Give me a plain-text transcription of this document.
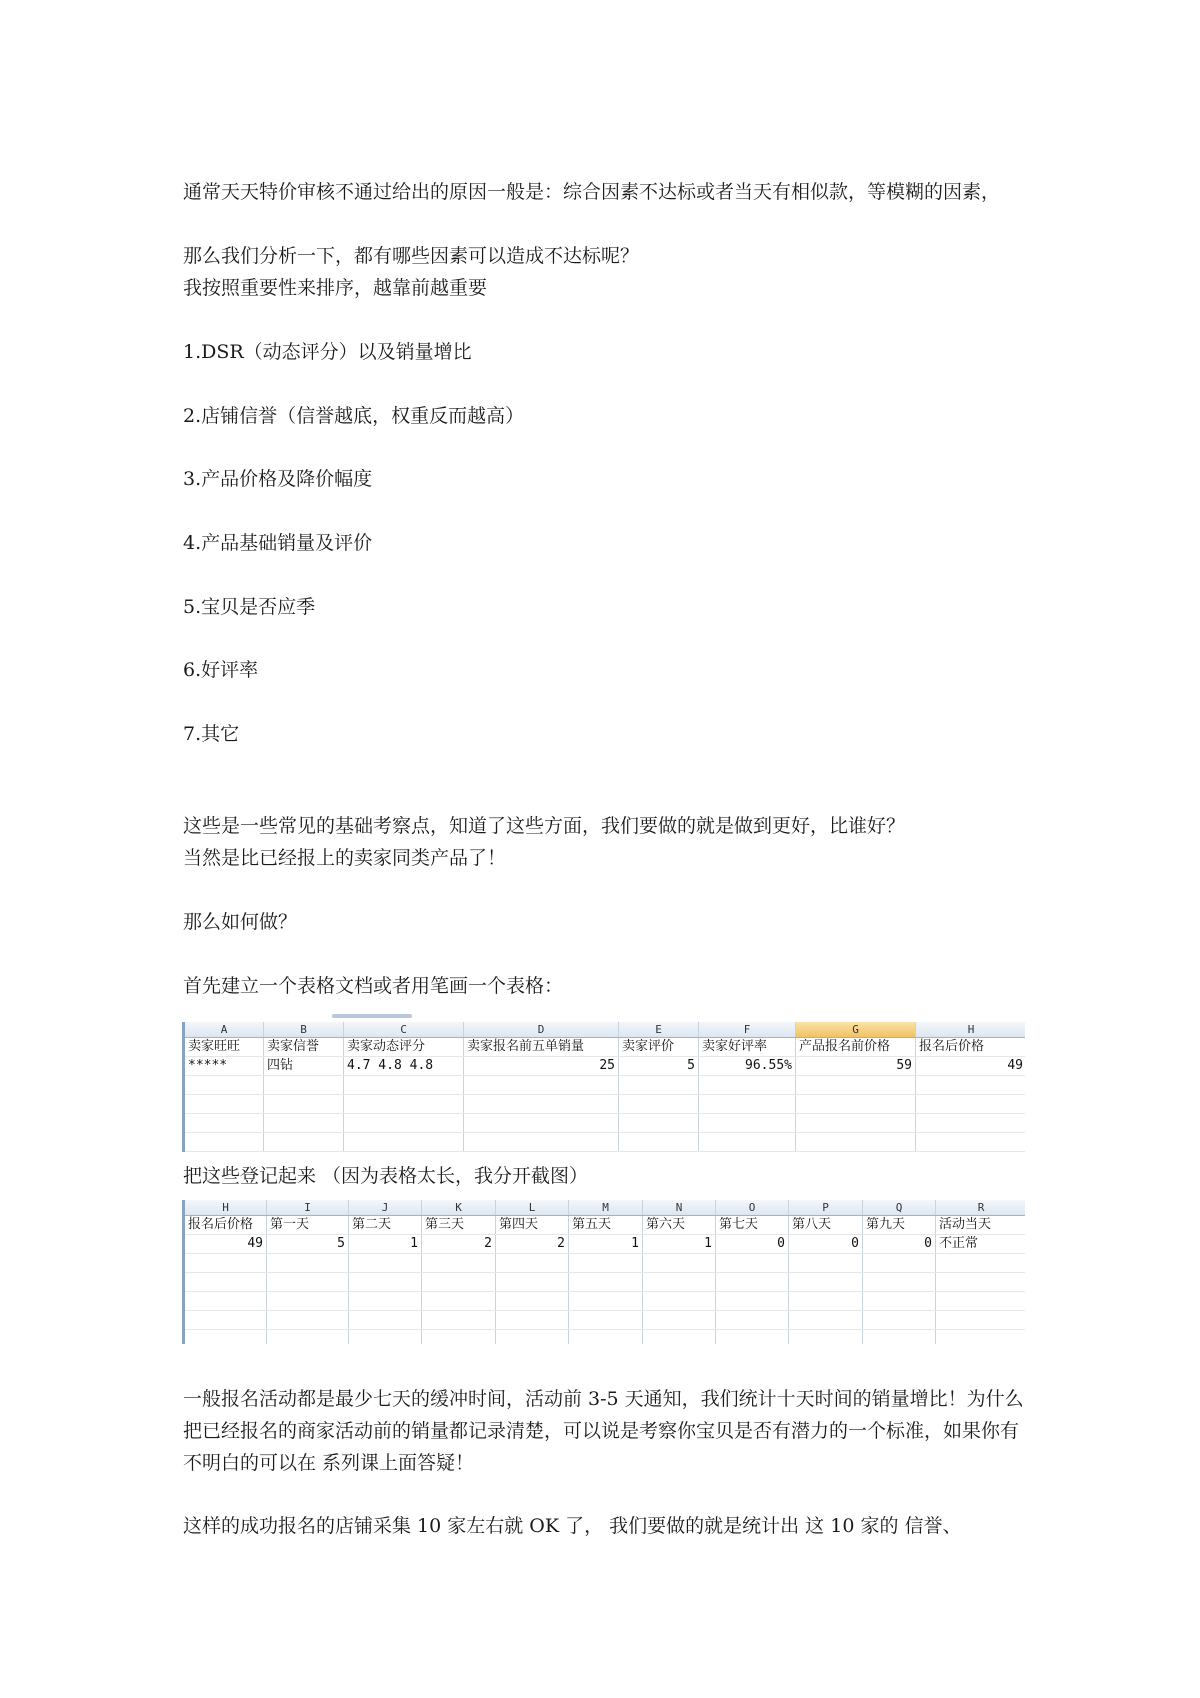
通常天天特价审核不通过给出的原因一般是：综合因素不达标或者当天有相似款，等模糊的因素，

那么我们分析一下，都有哪些因素可以造成不达标呢？

我按照重要性来排序，越靠前越重要

1.DSR（动态评分）以及销量增比

2.店铺信誉（信誉越底，权重反而越高）

3.产品价格及降价幅度

4.产品基础销量及评价

5.宝贝是否应季

6.好评率

7.其它

这些是一些常见的基础考察点，知道了这些方面，我们要做的就是做到更好，比谁好？

当然是比已经报上的卖家同类产品了！

那么如何做？

首先建立一个表格文档或者用笔画一个表格：

A	B	C	D	E	F	G	H
卖家旺旺	卖家信誉	卖家动态评分	卖家报名前五单销量	卖家评价	卖家好评率	产品报名前价格	报名后价格
*****	四钻	4.7 4.8 4.8	25	5	96.55%	59	49

把这些登记起来 （因为表格太长，我分开截图）

H	I	J	K	L	M	N	O	P	Q	R
报名后价格	第一天	第二天	第三天	第四天	第五天	第六天	第七天	第八天	第九天	活动当天
49	5	1	2	2	1	1	0	0	0	不正常

一般报名活动都是最少七天的缓冲时间，活动前 3-5 天通知，我们统计十天时间的销量增比！为什么把已经报名的商家活动前的销量都记录清楚，可以说是考察你宝贝是否有潜力的一个标准，如果你有不明白的可以在 系列课上面答疑！

这样的成功报名的店铺采集 10 家左右就 OK 了， 我们要做的就是统计出 这 10 家的 信誉、
